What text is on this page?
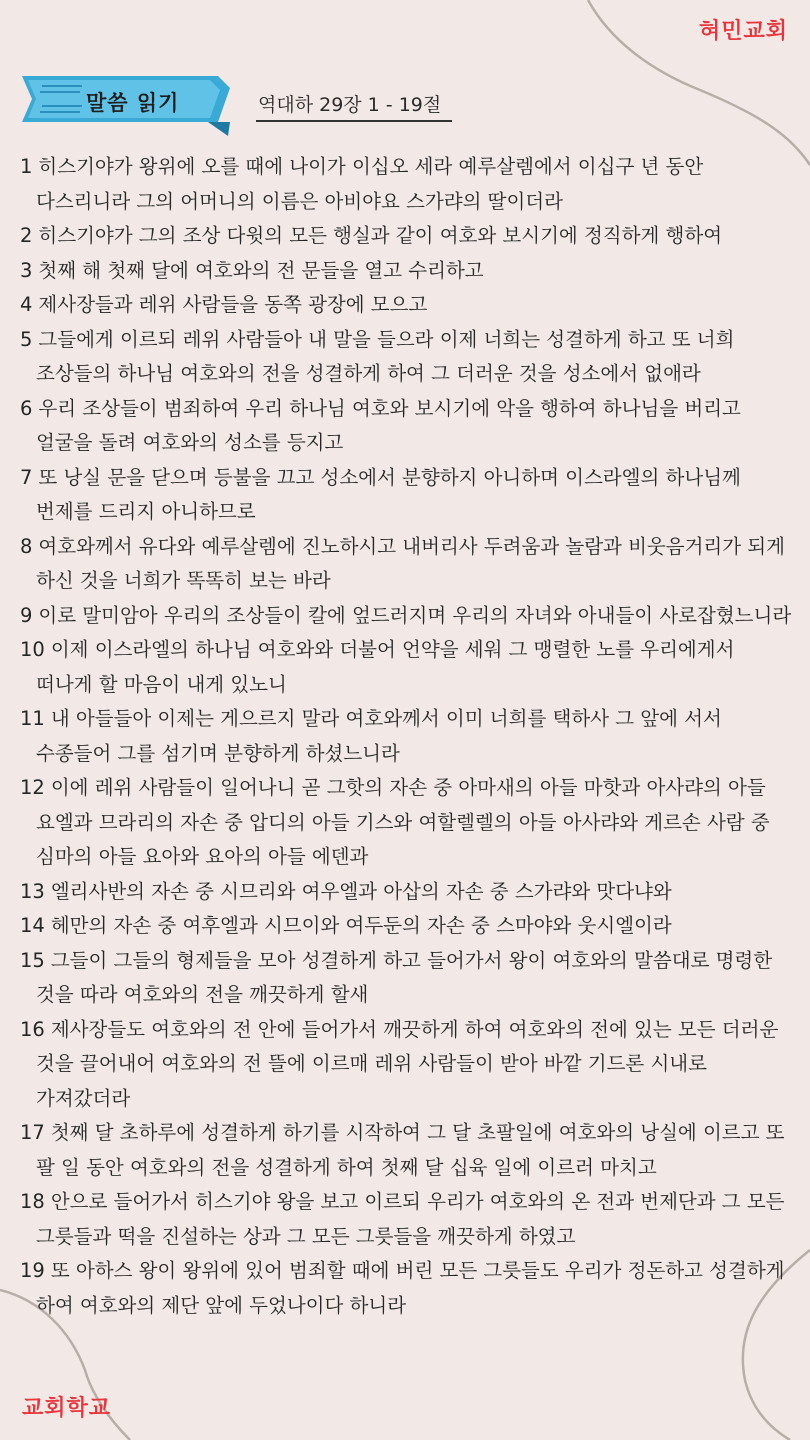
혀민교회
말씀 읽기	역대하 29장 1 - 19절
1 히스기야가 왕위에 오를 때에 나이가 이십오 세라 예루살렘에서 이십구 년 동안 다스리니라 그의 어머니의 이름은 아비야요 스가랴의 딸이더라
2 히스기야가 그의 조상 다윗의 모든 행실과 같이 여호와 보시기에 정직하게 행하여
3 첫째 해 첫째 달에 여호와의 전 문들을 열고 수리하고
4 제사장들과 레위 사람들을 동쪽 광장에 모으고
5 그들에게 이르되 레위 사람들아 내 말을 들으라 이제 너희는 성결하게 하고 또 너희 조상들의 하나님 여호와의 전을 성결하게 하여 그 더러운 것을 성소에서 없애라
6 우리 조상들이 범죄하여 우리 하나님 여호와 보시기에 악을 행하여 하나님을 버리고 얼굴을 돌려 여호와의 성소를 등지고
7 또 낭실 문을 닫으며 등불을 끄고 성소에서 분향하지 아니하며 이스라엘의 하나님께 번제를 드리지 아니하므로
8 여호와께서 유다와 예루살렘에 진노하시고 내버리사 두려움과 놀람과 비웃음거리가 되게 하신 것을 너희가 똑똑히 보는 바라
9 이로 말미암아 우리의 조상들이 칼에 엎드러지며 우리의 자녀와 아내들이 사로잡혔느니라
10 이제 이스라엘의 하나님 여호와와 더불어 언약을 세워 그 맹렬한 노를 우리에게서 떠나게 할 마음이 내게 있노니
11 내 아들들아 이제는 게으르지 말라 여호와께서 이미 너희를 택하사 그 앞에 서서 수종들어 그를 섬기며 분향하게 하셨느니라
12 이에 레위 사람들이 일어나니 곧 그핫의 자손 중 아마새의 아들 마핫과 아사랴의 아들 요엘과 므라리의 자손 중 압디의 아들 기스와 여할렐렐의 아들 아사랴와 게르손 사람 중 심마의 아들 요아와 요아의 아들 에덴과
13 엘리사반의 자손 중 시므리와 여우엘과 아삽의 자손 중 스가랴와 맛다냐와
14 헤만의 자손 중 여후엘과 시므이와 여두둔의 자손 중 스마야와 웃시엘이라
15 그들이 그들의 형제들을 모아 성결하게 하고 들어가서 왕이 여호와의 말씀대로 명령한 것을 따라 여호와의 전을 깨끗하게 할새
16 제사장들도 여호와의 전 안에 들어가서 깨끗하게 하여 여호와의 전에 있는 모든 더러운 것을 끌어내어 여호와의 전 뜰에 이르매 레위 사람들이 받아 바깥 기드론 시내로 가져갔더라
17 첫째 달 초하루에 성결하게 하기를 시작하여 그 달 초팔일에 여호와의 낭실에 이르고 또 팔 일 동안 여호와의 전을 성결하게 하여 첫째 달 십육 일에 이르러 마치고
18 안으로 들어가서 히스기야 왕을 보고 이르되 우리가 여호와의 온 전과 번제단과 그 모든 그릇들과 떡을 진설하는 상과 그 모든 그릇들을 깨끗하게 하였고
19 또 아하스 왕이 왕위에 있어 범죄할 때에 버린 모든 그릇들도 우리가 정돈하고 성결하게 하여 여호와의 제단 앞에 두었나이다 하니라
교회학교
